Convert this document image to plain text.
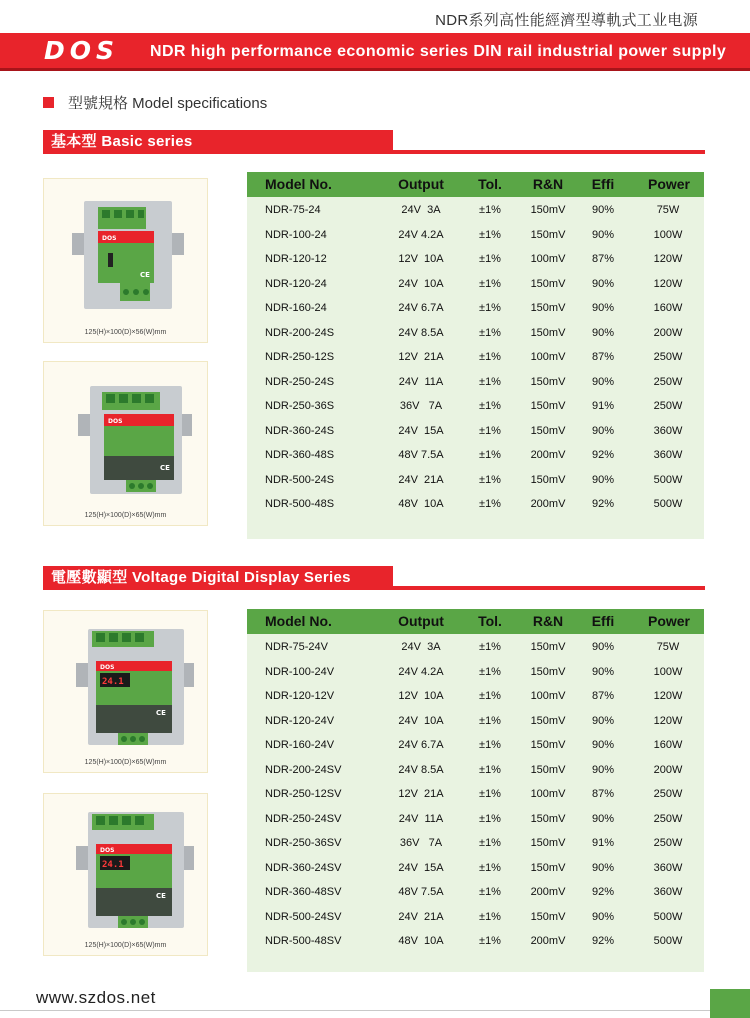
NDR系列高性能經濟型導軌式工业电源
DOS NDR high performance economic series DIN rail industrial power supply
型號規格 Model specifications
基本型 Basic series
DOS
CE
125(H)×100(D)×56(W)mm
DOS
CE
125(H)×100(D)×65(W)mm
Model No.	Output	Tol.	R&N	Effi	Power
NDR-75-24	24V  3A	±1%	150mV	90%	75W
NDR-100-24	24V 4.2A	±1%	150mV	90%	100W
NDR-120-12	12V  10A	±1%	100mV	87%	120W
NDR-120-24	24V  10A	±1%	150mV	90%	120W
NDR-160-24	24V 6.7A	±1%	150mV	90%	160W
NDR-200-24S	24V 8.5A	±1%	150mV	90%	200W
NDR-250-12S	12V  21A	±1%	100mV	87%	250W
NDR-250-24S	24V  11A	±1%	150mV	90%	250W
NDR-250-36S	36V   7A	±1%	150mV	91%	250W
NDR-360-24S	24V  15A	±1%	150mV	90%	360W
NDR-360-48S	48V 7.5A	±1%	200mV	92%	360W
NDR-500-24S	24V  21A	±1%	150mV	90%	500W
NDR-500-48S	48V  10A	±1%	200mV	92%	500W
電壓數顯型 Voltage Digital Display Series
24.1
DOS
CE
125(H)×100(D)×65(W)mm
24.1
DOS
CE
125(H)×100(D)×65(W)mm
Model No.	Output	Tol.	R&N	Effi	Power
NDR-75-24V	24V  3A	±1%	150mV	90%	75W
NDR-100-24V	24V 4.2A	±1%	150mV	90%	100W
NDR-120-12V	12V  10A	±1%	100mV	87%	120W
NDR-120-24V	24V  10A	±1%	150mV	90%	120W
NDR-160-24V	24V 6.7A	±1%	150mV	90%	160W
NDR-200-24SV	24V 8.5A	±1%	150mV	90%	200W
NDR-250-12SV	12V  21A	±1%	100mV	87%	250W
NDR-250-24SV	24V  11A	±1%	150mV	90%	250W
NDR-250-36SV	36V   7A	±1%	150mV	91%	250W
NDR-360-24SV	24V  15A	±1%	150mV	90%	360W
NDR-360-48SV	48V 7.5A	±1%	200mV	92%	360W
NDR-500-24SV	24V  21A	±1%	150mV	90%	500W
NDR-500-48SV	48V  10A	±1%	200mV	92%	500W
www.szdos.net
